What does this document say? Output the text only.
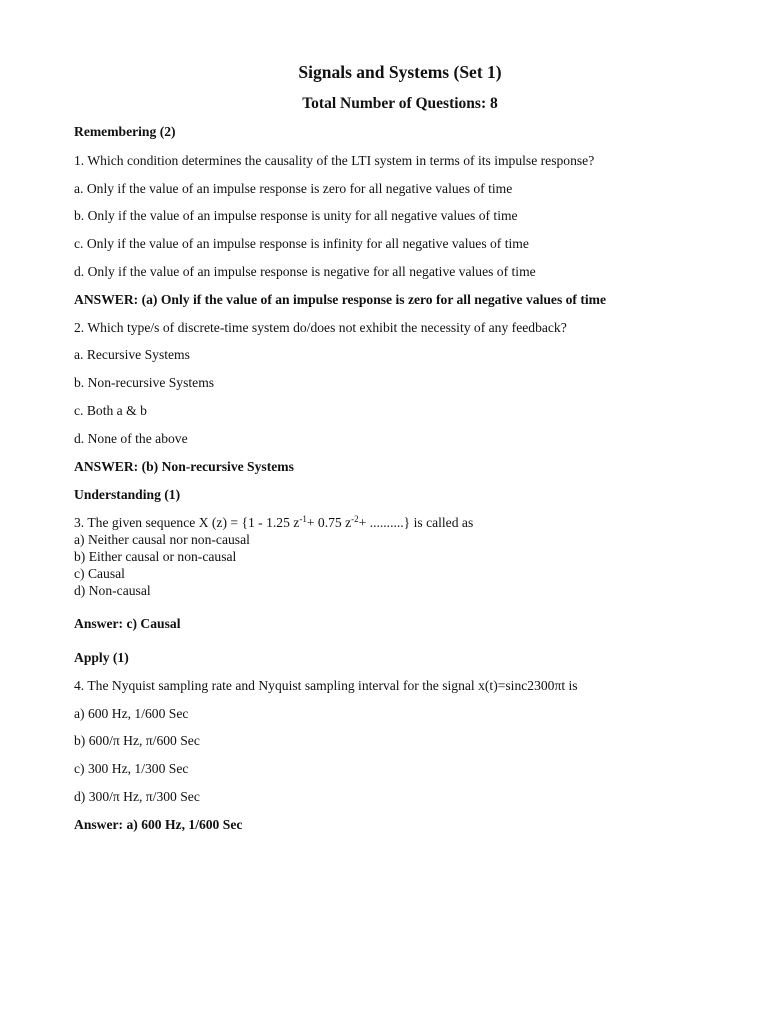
Signals and Systems (Set 1)
Total Number of Questions: 8
Remembering (2)
1. Which condition determines the causality of the LTI system in terms of its impulse response?
a. Only if the value of an impulse response is zero for all negative values of time
b. Only if the value of an impulse response is unity for all negative values of time
c. Only if the value of an impulse response is infinity for all negative values of time
d. Only if the value of an impulse response is negative for all negative values of time
ANSWER: (a) Only if the value of an impulse response is zero for all negative values of time
2. Which type/s of discrete-time system do/does not exhibit the necessity of any feedback?
a. Recursive Systems
b. Non-recursive Systems
c. Both a & b
d. None of the above
ANSWER: (b) Non-recursive Systems
Understanding (1)
3. The given sequence X (z) = {1 - 1.25 $z^{-1}+ 0.75$ $z^{-2}+$ ..........} is called as
a) Neither causal nor non-causal
b) Either causal or non-causal
c) Causal
d) Non-causal
Answer: c) Causal
Apply (1)
4. The Nyquist sampling rate and Nyquist sampling interval for the signal x(t)=sinc2300πt is
a) 600 Hz, 1/600 Sec
b) 600/π Hz, π/600 Sec
c) 300 Hz, 1/300 Sec
d) 300/π Hz, π/300 Sec
Answer: a) 600 Hz, 1/600 Sec
